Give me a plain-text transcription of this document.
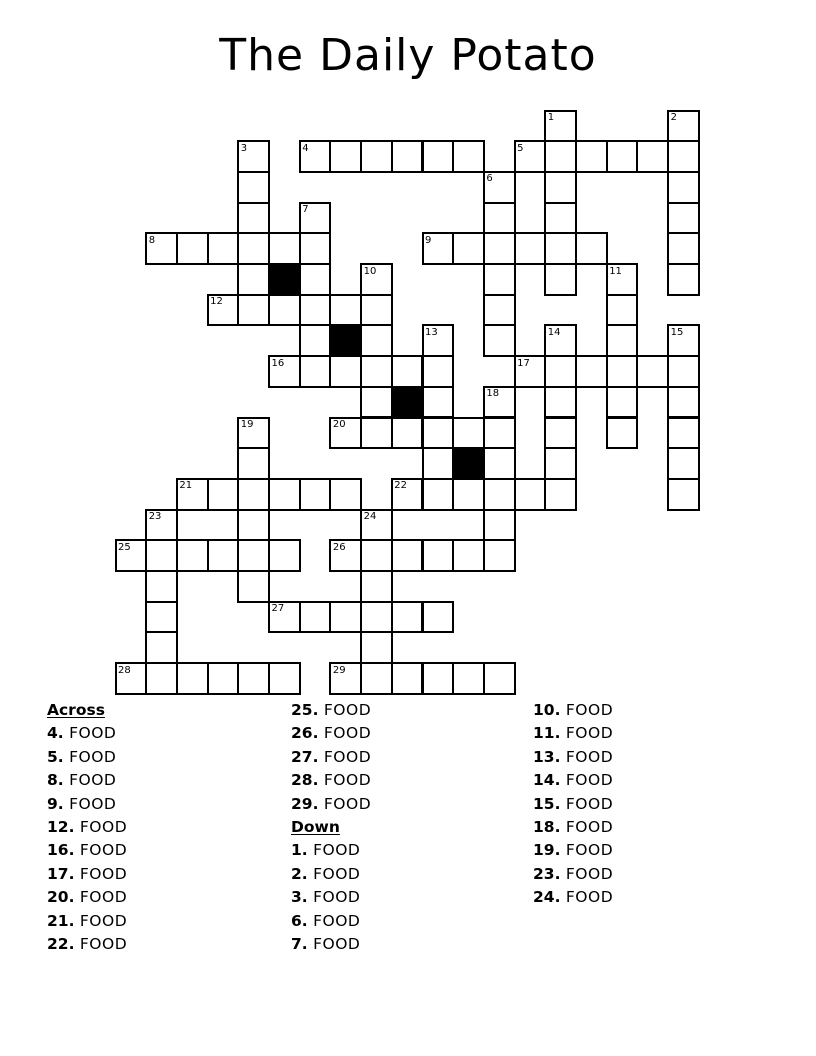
The Daily Potato
1	2
3	4	5
6
7
8	9
10	11
12
13	14	15
16	17
18
19	20
21	22
23	24
25	26
27
28	29
Across
4. FOOD
5. FOOD
8. FOOD
9. FOOD
12. FOOD
16. FOOD
17. FOOD
20. FOOD
21. FOOD
22. FOOD
25. FOOD
26. FOOD
27. FOOD
28. FOOD
29. FOOD
Down
1. FOOD
2. FOOD
3. FOOD
6. FOOD
7. FOOD
10. FOOD
11. FOOD
13. FOOD
14. FOOD
15. FOOD
18. FOOD
19. FOOD
23. FOOD
24. FOOD
